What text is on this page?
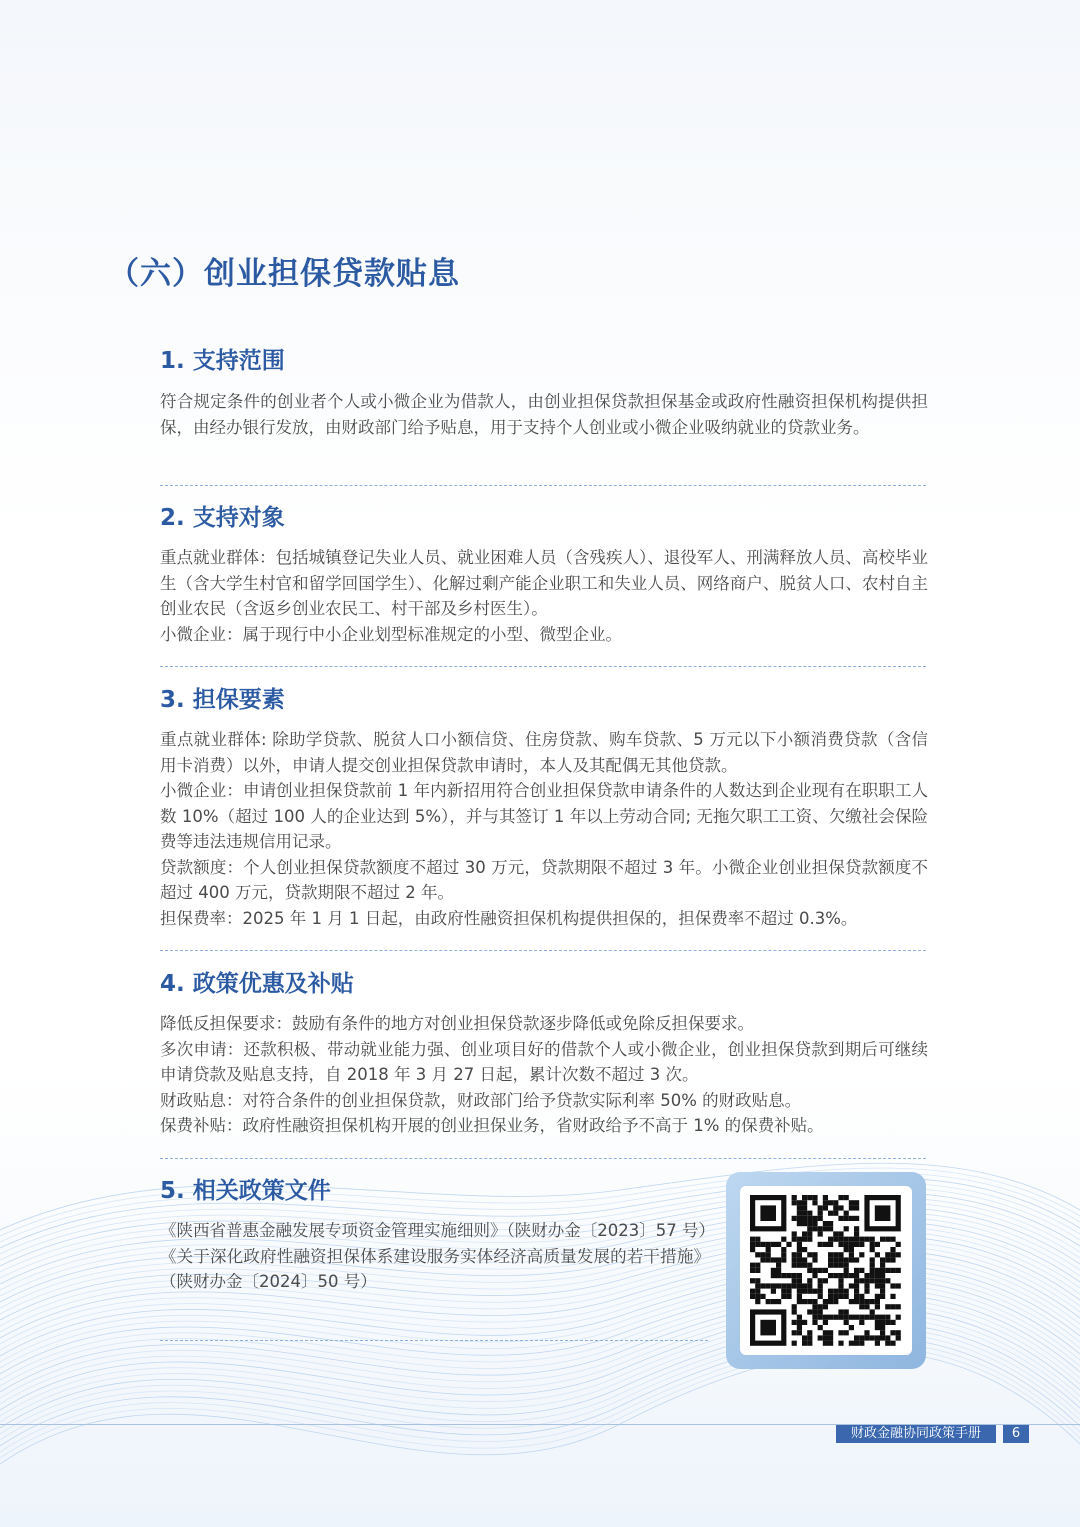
（六）创业担保贷款贴息
1. 支持范围

符合规定条件的创业者个人或小微企业为借款人，由创业担保贷款担保基金或政府性融资担保机构提供担保，由经办银行发放，由财政部门给予贴息，用于支持个人创业或小微企业吸纳就业的贷款业务。

2. 支持对象

重点就业群体：包括城镇登记失业人员、就业困难人员（含残疾人）、退役军人、刑满释放人员、高校毕业生（含大学生村官和留学回国学生）、化解过剩产能企业职工和失业人员、网络商户、脱贫人口、农村自主创业农民（含返乡创业农民工、村干部及乡村医生）。

小微企业：属于现行中小企业划型标准规定的小型、微型企业。

3. 担保要素

重点就业群体: 除助学贷款、脱贫人口小额信贷、住房贷款、购车贷款、5 万元以下小额消费贷款（含信用卡消费）以外，申请人提交创业担保贷款申请时，本人及其配偶无其他贷款。

小微企业：申请创业担保贷款前 1 年内新招用符合创业担保贷款申请条件的人数达到企业现有在职职工人数 10%（超过 100 人的企业达到 5%），并与其签订 1 年以上劳动合同; 无拖欠职工工资、欠缴社会保险费等违法违规信用记录。

贷款额度：个人创业担保贷款额度不超过 30 万元，贷款期限不超过 3 年。小微企业创业担保贷款额度不超过 400 万元，贷款期限不超过 2 年。

担保费率：2025 年 1 月 1 日起，由政府性融资担保机构提供担保的，担保费率不超过 0.3%。

4. 政策优惠及补贴

降低反担保要求：鼓励有条件的地方对创业担保贷款逐步降低或免除反担保要求。

多次申请：还款积极、带动就业能力强、创业项目好的借款个人或小微企业，创业担保贷款到期后可继续申请贷款及贴息支持，自 2018 年 3 月 27 日起，累计次数不超过 3 次。

财政贴息：对符合条件的创业担保贷款，财政部门给予贷款实际利率 50% 的财政贴息。

保费补贴：政府性融资担保机构开展的创业担保业务，省财政给予不高于 1% 的保费补贴。

5. 相关政策文件

《陕西省普惠金融发展专项资金管理实施细则》（陕财办金〔2023〕57 号）

《关于深化政府性融资担保体系建设服务实体经济高质量发展的若干措施》（陕财办金〔2024〕50 号）

财政金融协同政策手册	6
